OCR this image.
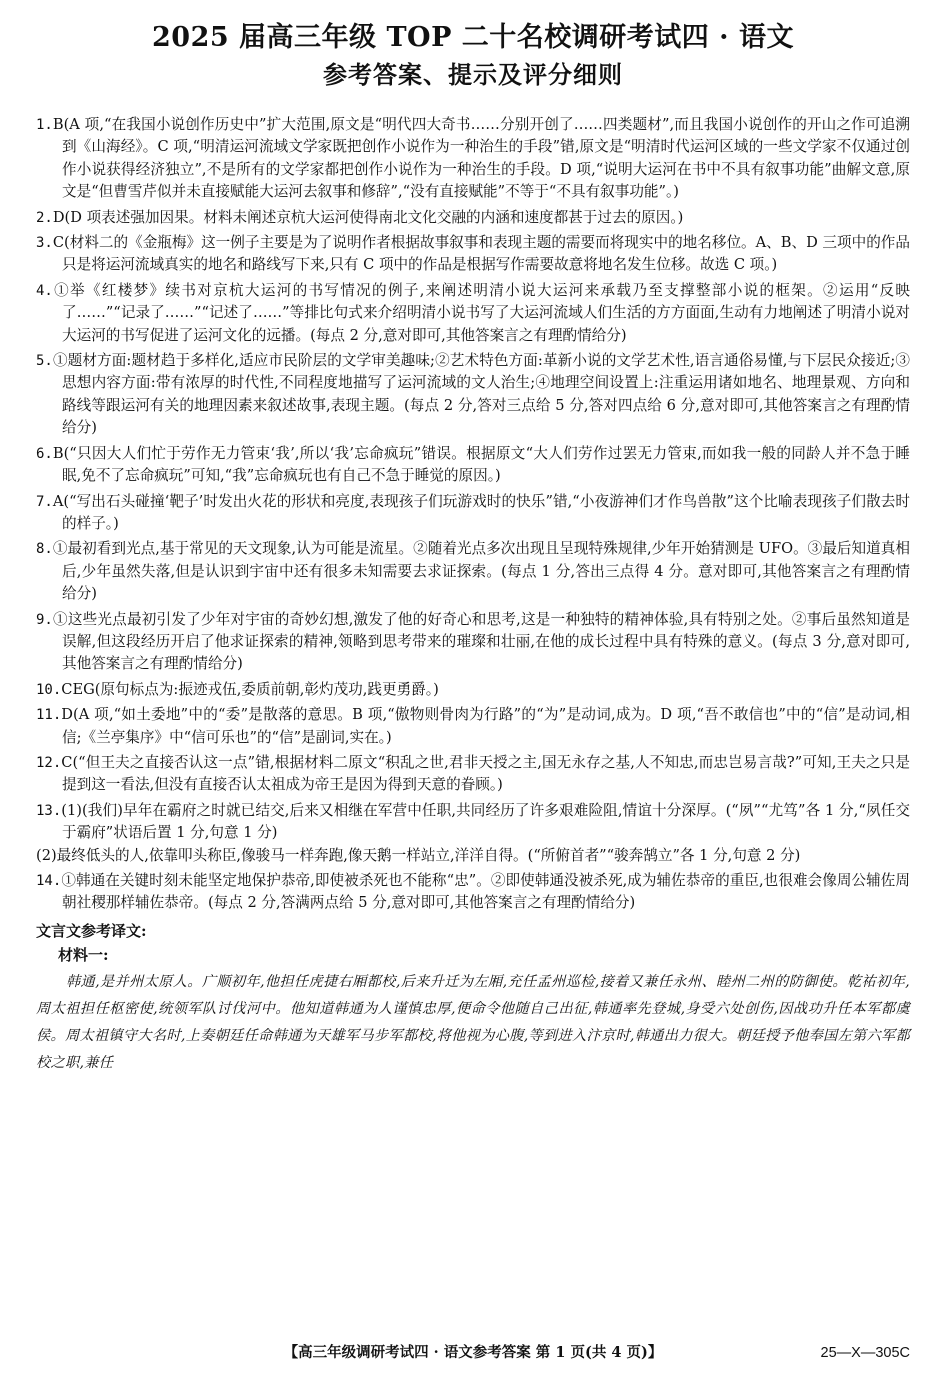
2025 届高三年级 TOP 二十名校调研考试四 · 语文
参考答案、提示及评分细则

1.B(A 项,“在我国小说创作历史中”扩大范围,原文是“明代四大奇书……分别开创了……四类题材”,而且我国小说创作的开山之作可追溯到《山海经》。C 项,“明清运河流域文学家既把创作小说作为一种治生的手段”错,原文是“明清时代运河区域的一些文学家不仅通过创作小说获得经济独立”,不是所有的文学家都把创作小说作为一种治生的手段。D 项,“说明大运河在书中不具有叙事功能”曲解文意,原文是“但曹雪芹似并未直接赋能大运河去叙事和修辞”,“没有直接赋能”不等于“不具有叙事功能”。)

2.D(D 项表述强加因果。材料未阐述京杭大运河使得南北文化交融的内涵和速度都甚于过去的原因。)

3.C(材料二的《金瓶梅》这一例子主要是为了说明作者根据故事叙事和表现主题的需要而将现实中的地名移位。A、B、D 三项中的作品只是将运河流域真实的地名和路线写下来,只有 C 项中的作品是根据写作需要故意将地名发生位移。故选 C 项。)

4.①举《红楼梦》续书对京杭大运河的书写情况的例子,来阐述明清小说大运河来承载乃至支撑整部小说的框架。②运用“反映了……”“记录了……”“记述了……”等排比句式来介绍明清小说书写了大运河流域人们生活的方方面面,生动有力地阐述了明清小说对大运河的书写促进了运河文化的远播。(每点 2 分,意对即可,其他答案言之有理酌情给分)

5.①题材方面:题材趋于多样化,适应市民阶层的文学审美趣味;②艺术特色方面:革新小说的文学艺术性,语言通俗易懂,与下层民众接近;③思想内容方面:带有浓厚的时代性,不同程度地描写了运河流域的文人治生;④地理空间设置上:注重运用诸如地名、地理景观、方向和路线等跟运河有关的地理因素来叙述故事,表现主题。(每点 2 分,答对三点给 5 分,答对四点给 6 分,意对即可,其他答案言之有理酌情给分)

6.B(“只因大人们忙于劳作无力管束‘我’,所以‘我’忘命疯玩”错误。根据原文“大人们劳作过罢无力管束,而如我一般的同龄人并不急于睡眠,免不了忘命疯玩”可知,“我”忘命疯玩也有自己不急于睡觉的原因。)

7.A(“写出石头碰撞‘靶子’时发出火花的形状和亮度,表现孩子们玩游戏时的快乐”错,“小夜游神们才作鸟兽散”这个比喻表现孩子们散去时的样子。)

8.①最初看到光点,基于常见的天文现象,认为可能是流星。②随着光点多次出现且呈现特殊规律,少年开始猜测是 UFO。③最后知道真相后,少年虽然失落,但是认识到宇宙中还有很多未知需要去求证探索。(每点 1 分,答出三点得 4 分。意对即可,其他答案言之有理酌情给分)

9.①这些光点最初引发了少年对宇宙的奇妙幻想,激发了他的好奇心和思考,这是一种独特的精神体验,具有特别之处。②事后虽然知道是误解,但这段经历开启了他求证探索的精神,领略到思考带来的璀璨和壮丽,在他的成长过程中具有特殊的意义。(每点 3 分,意对即可,其他答案言之有理酌情给分)

10.CEG(原句标点为:振迹戎伍,委质前朝,彰灼茂功,践更勇爵。)

11.D(A 项,“如土委地”中的“委”是散落的意思。B 项,“傲物则骨肉为行路”的“为”是动词,成为。D 项,“吾不敢信也”中的“信”是动词,相信;《兰亭集序》中“信可乐也”的“信”是副词,实在。)

12.C(“但王夫之直接否认这一点”错,根据材料二原文“积乱之世,君非天授之主,国无永存之基,人不知忠,而忠岂易言哉?”可知,王夫之只是提到这一看法,但没有直接否认太祖成为帝王是因为得到天意的眷顾。)

13.(1)(我们)早年在霸府之时就已结交,后来又相继在军营中任职,共同经历了许多艰难险阻,情谊十分深厚。(“夙”“尤笃”各 1 分,“夙任交于霸府”状语后置 1 分,句意 1 分)
(2)最终低头的人,依靠叩头称臣,像骏马一样奔跑,像天鹅一样站立,洋洋自得。(“所俯首者”“骏奔鹄立”各 1 分,句意 2 分)

14.①韩通在关键时刻未能坚定地保护恭帝,即使被杀死也不能称“忠”。②即使韩通没被杀死,成为辅佐恭帝的重臣,也很难会像周公辅佐周朝社稷那样辅佐恭帝。(每点 2 分,答满两点给 5 分,意对即可,其他答案言之有理酌情给分)

文言文参考译文:
材料一:

韩通,是并州太原人。广顺初年,他担任虎捷右厢都校,后来升迁为左厢,充任孟州巡检,接着又兼任永州、睦州二州的防御使。乾祐初年,周太祖担任枢密使,统领军队讨伐河中。他知道韩通为人谨慎忠厚,便命令他随自己出征,韩通率先登城,身受六处创伤,因战功升任本军都虞侯。周太祖镇守大名时,上奏朝廷任命韩通为天雄军马步军都校,将他视为心腹,等到进入汴京时,韩通出力很大。朝廷授予他奉国左第六军都校之职,兼任

【高三年级调研考试四 · 语文参考答案 第 1 页(共 4 页)】	25—X—305C
